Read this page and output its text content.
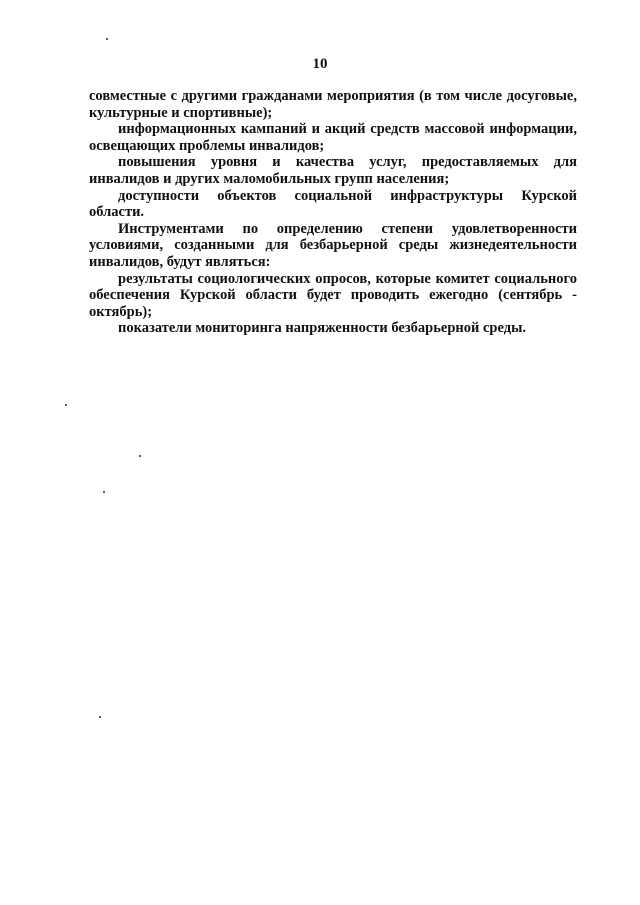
10

совместные с другими гражданами мероприятия (в том числе досуговые, культурные и спортивные);

информационных кампаний и акций средств массовой информации, освещающих проблемы инвалидов;

повышения уровня и качества услуг, предоставляемых для инвалидов и других маломобильных групп населения;

доступности объектов социальной инфраструктуры Курской области.

Инструментами по определению степени удовлетворенности условиями, созданными для безбарьерной среды жизнедеятельности инвалидов, будут являться:

результаты социологических опросов, которые комитет социального обеспечения Курской области будет проводить ежегодно (сентябрь - октябрь);

показатели мониторинга напряженности безбарьерной среды.
